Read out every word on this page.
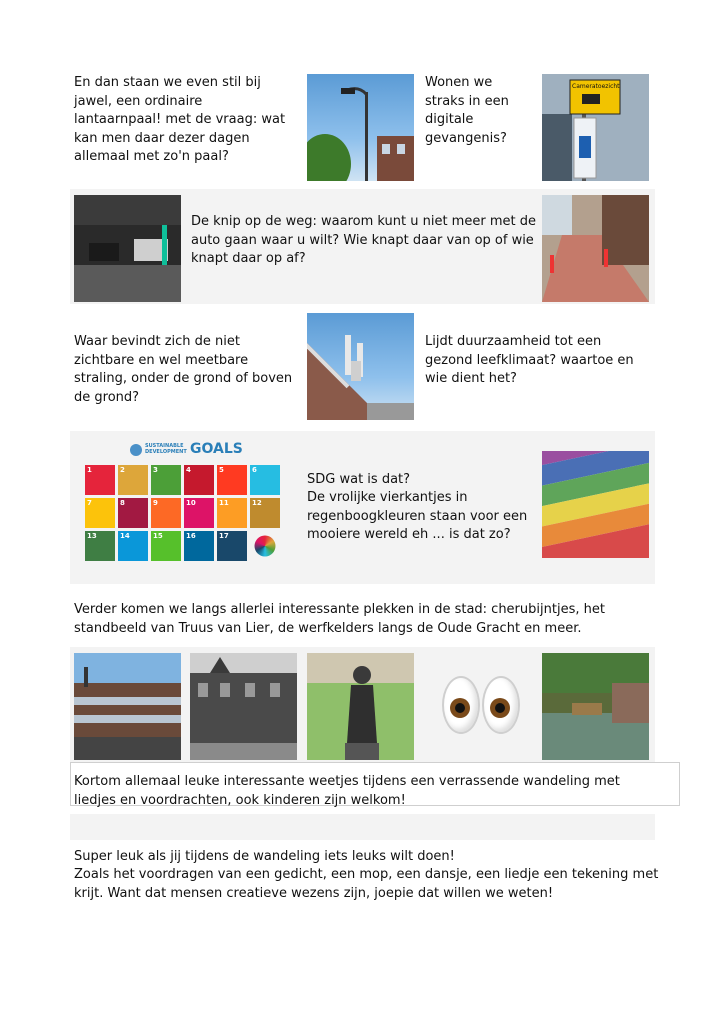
En dan staan we even stil bij jawel, een ordinaire lantaarnpaal! met de vraag: wat kan men daar dezer dagen allemaal met zo'n paal?
Wonen we straks in een digitale gevangenis?
Cameratoezicht
De knip op de weg: waarom kunt u niet meer met de auto gaan waar u wilt? Wie knapt daar van op of wie knapt daar op af?
Waar bevindt zich de niet zichtbare en wel meetbare straling, onder de grond of boven de grond?
Lijdt duurzaamheid tot een gezond leefklimaat? waartoe en wie dient het?
SUSTAINABLE DEVELOPMENT GOALS
1	2	3	4	5	6
7	8	9	10	11	12
13	14	15	16	17
SDG wat is dat?
De vrolijke vierkantjes in regenboogkleuren staan voor een mooiere wereld eh ... is dat zo?
Verder komen we langs allerlei interessante plekken in de stad: cherubijntjes, het standbeeld van Truus van Lier, de werfkelders langs de Oude Gracht en meer.
Kortom allemaal leuke interessante weetjes tijdens een verrassende wandeling met liedjes en voordrachten, ook kinderen zijn welkom!
Super leuk als jij tijdens de wandeling iets leuks wilt doen!
Zoals het voordragen van een gedicht, een mop, een dansje, een liedje een tekening met krijt. Want dat mensen creatieve wezens zijn, joepie dat willen we weten!
